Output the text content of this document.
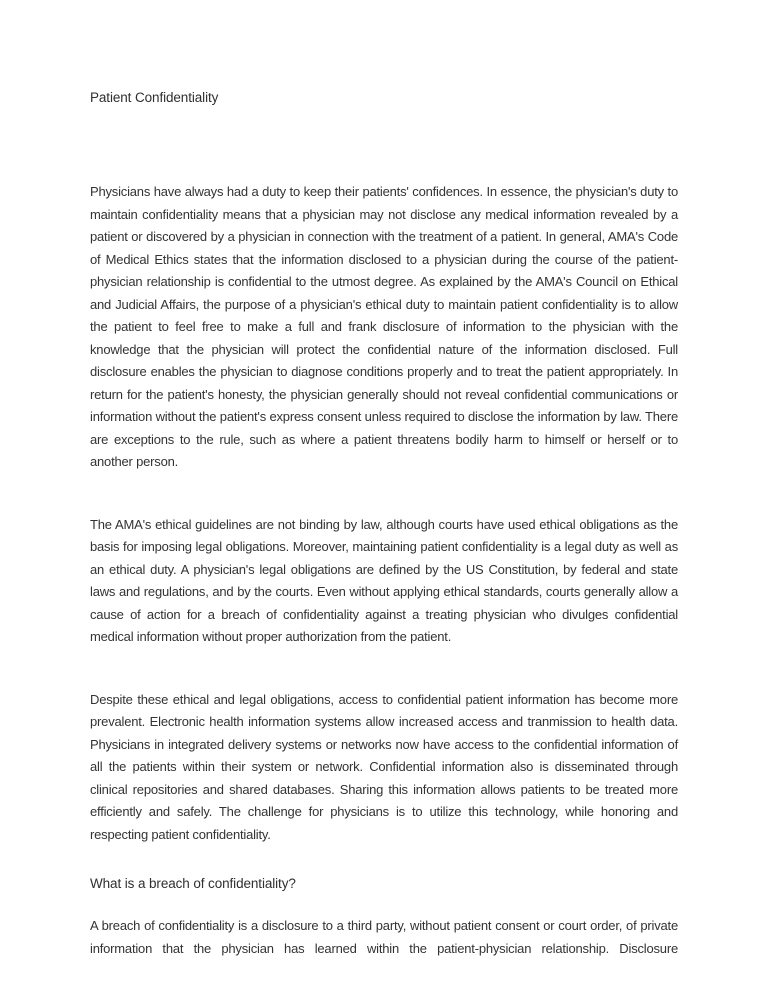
Patient Confidentiality

Physicians have always had a duty to keep their patients' confidences. In essence, the physician's duty to maintain confidentiality means that a physician may not disclose any medical information revealed by a patient or discovered by a physician in connection with the treatment of a patient. In general, AMA's Code of Medical Ethics states that the information disclosed to a physician during the course of the patient-physician relationship is confidential to the utmost degree. As explained by the AMA's Council on Ethical and Judicial Affairs, the purpose of a physician's ethical duty to maintain patient confidentiality is to allow the patient to feel free to make a full and frank disclosure of information to the physician with the knowledge that the physician will protect the confidential nature of the information disclosed. Full disclosure enables the physician to diagnose conditions properly and to treat the patient appropriately. In return for the patient's honesty, the physician generally should not reveal confidential communications or information without the patient's express consent unless required to disclose the information by law. There are exceptions to the rule, such as where a patient threatens bodily harm to himself or herself or to another person.

The AMA's ethical guidelines are not binding by law, although courts have used ethical obligations as the basis for imposing legal obligations. Moreover, maintaining patient confidentiality is a legal duty as well as an ethical duty. A physician's legal obligations are defined by the US Constitution, by federal and state laws and regulations, and by the courts. Even without applying ethical standards, courts generally allow a cause of action for a breach of confidentiality against a treating physician who divulges confidential medical information without proper authorization from the patient.

Despite these ethical and legal obligations, access to confidential patient information has become more prevalent. Electronic health information systems allow increased access and tranmission to health data. Physicians in integrated delivery systems or networks now have access to the confidential information of all the patients within their system or network. Confidential information also is disseminated through clinical repositories and shared databases. Sharing this information allows patients to be treated more efficiently and safely. The challenge for physicians is to utilize this technology, while honoring and respecting patient confidentiality.

What is a breach of confidentiality?

A breach of confidentiality is a disclosure to a third party, without patient consent or court order, of private information that the physician has learned within the patient-physician relationship. Disclosure
